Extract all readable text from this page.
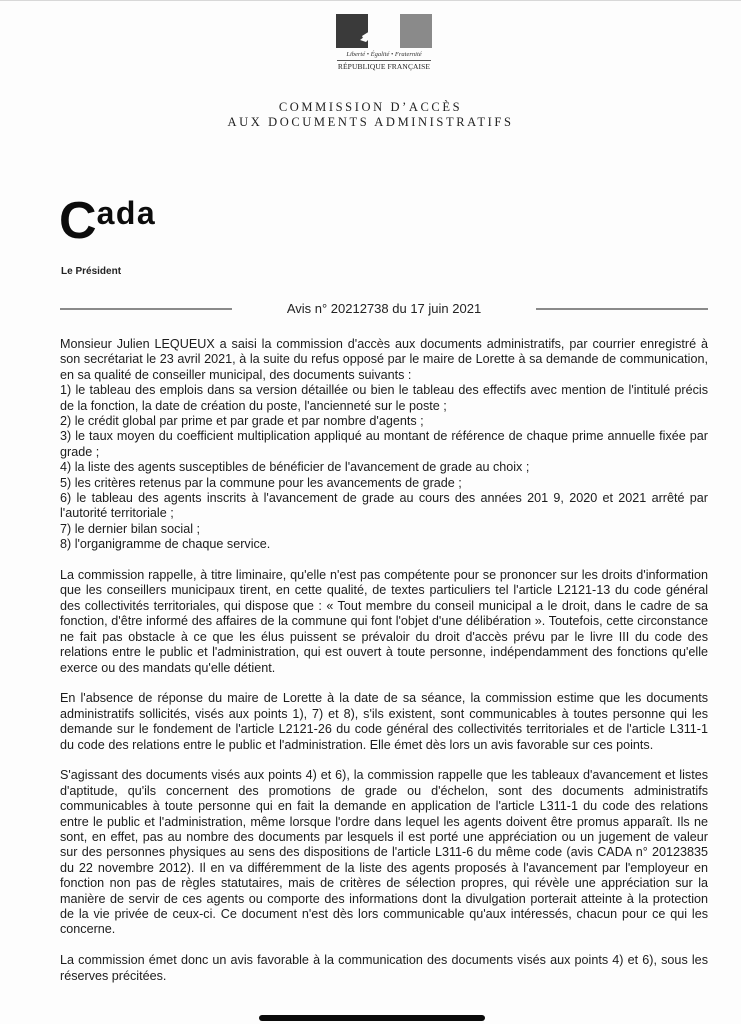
Liberté • Égalité • Fraternité
RÉPUBLIQUE FRANÇAISE
COMMISSION D’ACCÈS
AUX DOCUMENTS ADMINISTRATIFS
Cada
Le Président
Avis n° 20212738 du 17 juin 2021
Monsieur Julien LEQUEUX a saisi la commission d'accès aux documents administratifs, par courrier enregistré à son secrétariat le 23 avril 2021, à la suite du refus opposé par le maire de Lorette à sa demande de communication, en sa qualité de conseiller municipal, des documents suivants :
1) le tableau des emplois dans sa version détaillée ou bien le tableau des effectifs avec mention de l'intitulé précis de la fonction, la date de création du poste, l'ancienneté sur le poste ;
2) le crédit global par prime et par grade et par nombre d'agents ;
3) le taux moyen du coefficient multiplication appliqué au montant de référence de chaque prime annuelle fixée par grade ;
4) la liste des agents susceptibles de bénéficier de l'avancement de grade au choix ;
5) les critères retenus par la commune pour les avancements de grade ;
6) le tableau des agents inscrits à l'avancement de grade au cours des années 201 9, 2020 et 2021 arrêté par l'autorité territoriale ;
7) le dernier bilan social ;
8) l'organigramme de chaque service.

La commission rappelle, à titre liminaire, qu'elle n'est pas compétente pour se prononcer sur les droits d'information que les conseillers municipaux tirent, en cette qualité, de textes particuliers tel l'article L2121-13 du code général des collectivités territoriales, qui dispose que : « Tout membre du conseil municipal a le droit, dans le cadre de sa fonction, d'être informé des affaires de la commune qui font l'objet d'une délibération ». Toutefois, cette circonstance ne fait pas obstacle à ce que les élus puissent se prévaloir du droit d'accès prévu par le livre III du code des relations entre le public et l'administration, qui est ouvert à toute personne, indépendamment des fonctions qu'elle exerce ou des mandats qu'elle détient.

En l'absence de réponse du maire de Lorette à la date de sa séance, la commission estime que les documents administratifs sollicités, visés aux points 1), 7) et 8), s'ils existent, sont communicables à toutes personne qui les demande sur le fondement de l'article L2121-26 du code général des collectivités territoriales et de l'article L311-1 du code des relations entre le public et l'administration. Elle émet dès lors un avis favorable sur ces points.

S'agissant des documents visés aux points 4) et 6), la commission rappelle que les tableaux d'avancement et listes d'aptitude, qu'ils concernent des promotions de grade ou d'échelon, sont des documents administratifs communicables à toute personne qui en fait la demande en application de l'article L311-1 du code des relations entre le public et l'administration, même lorsque l'ordre dans lequel les agents doivent être promus apparaît. Ils ne sont, en effet, pas au nombre des documents par lesquels il est porté une appréciation ou un jugement de valeur sur des personnes physiques au sens des dispositions de l'article L311-6 du même code (avis CADA n° 20123835 du 22 novembre 2012). Il en va différemment de la liste des agents proposés à l'avancement par l'employeur en fonction non pas de règles statutaires, mais de critères de sélection propres, qui révèle une appréciation sur la manière de servir de ces agents ou comporte des informations dont la divulgation porterait atteinte à la protection de la vie privée de ceux-ci. Ce document n'est dès lors communicable qu'aux intéressés, chacun pour ce qui les concerne.

La commission émet donc un avis favorable à la communication des documents visés aux points 4) et 6), sous les réserves précitées.
